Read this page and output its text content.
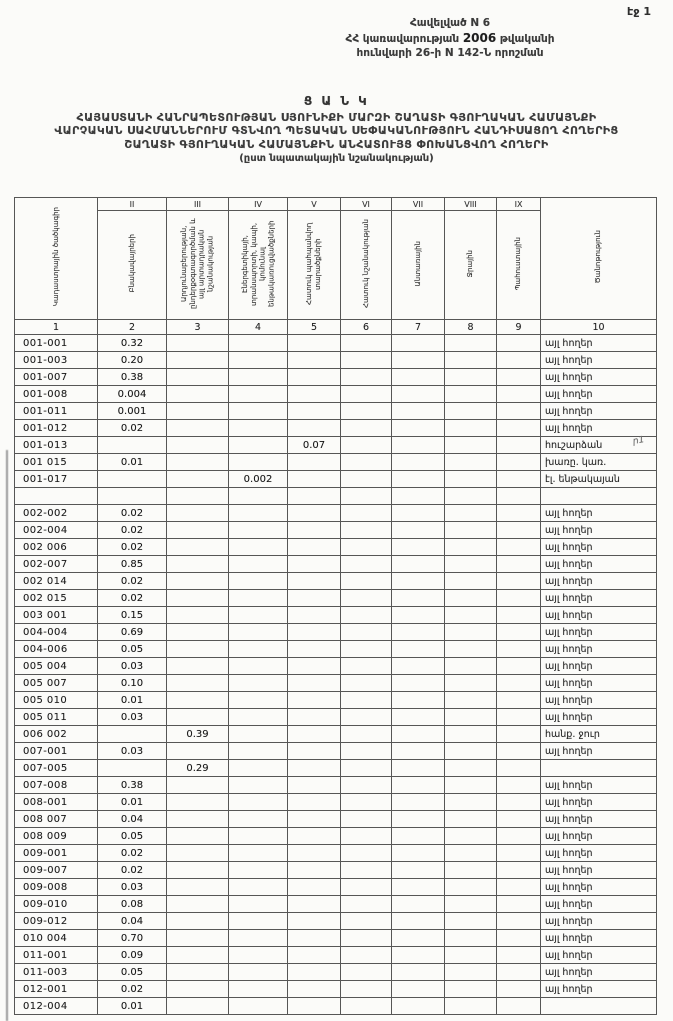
էջ 1
Հավելված N 6
ՀՀ կառավարության 2006 թվականի
հունվարի 26-ի N 142-Ն որոշման
Ց Ա Ն Կ
ՀԱՅԱՍՏԱՆԻ ՀԱՆՐԱՊԵՏՈՒԹՅԱՆ ՍՅՈՒՆԻՔԻ ՄԱՐԶԻ ՇԱՂԱՏԻ ԳՅՈՒՂԱԿԱՆ ՀԱՄԱՅՆՔԻ
ՎԱՐՉԱԿԱՆ ՍԱՀՄԱՆՆԵՐՈՒՄ ԳՏՆՎՈՂ ՊԵՏԱԿԱՆ ՍԵՓԱԿԱՆՈՒԹՅՈՒՆ ՀԱՆԴԻՍԱՑՈՂ ՀՈՂԵՐԻՑ
ՇԱՂԱՏԻ ԳՅՈՒՂԱԿԱՆ ՀԱՄԱՅՆՔԻՆ ԱՆՀԱՏՈՒՅՑ ՓՈԽԱՆՑՎՈՂ ՀՈՂԵՐԻ
(ըստ նպատակային նշանակության)
Կադաստրային ծածկագիր	II	III	IV	V	VI	VII	VIII	IX	Ծանոթություն
	Բնակավայրերի	Արդյունաբերության, ընդերքօգտագործման և այլ արտադրական նշանակության	Էներգետիկայի, տրանսպորտի, կապի, կոմունալ ենթակառուցվածքների	Հատուկ պահպանվող տարածքների	Հատուկ նշանակության	Անտառային	Ջրային	Պահուստային	
1	2	3	4	5	6	7	8	9	10
001-001	0.32								այլ հողեր
001-003	0.20								այլ հողեր
001-007	0.38								այլ հողեր
001-008	0.004								այլ հողեր
001-011	0.001								այլ հողեր
001-012	0.02								այլ հողեր
001-013				0.07					հուշարձան
001 015	0.01								խառը. կառ.
001-017			0.002						էլ. ենթակայան

002-002	0.02								այլ հողեր
002-004	0.02								այլ հողեր
002 006	0.02								այլ հողեր
002-007	0.85								այլ հողեր
002 014	0.02								այլ հողեր
002 015	0.02								այլ հողեր
003 001	0.15								այլ հողեր
004-004	0.69								այլ հողեր
004-006	0.05								այլ հողեր
005 004	0.03								այլ հողեր
005 007	0.10								այլ հողեր
005 010	0.01								այլ հողեր
005 011	0.03								այլ հողեր
006 002		0.39							հանք. ջուր
007-001	0.03								այլ հողեր
007-005		0.29							
007-008	0.38								այլ հողեր
008-001	0.01								այլ հողեր
008 007	0.04								այլ հողեր
008 009	0.05								այլ հողեր
009-001	0.02								այլ հողեր
009-007	0.02								այլ հողեր
009-008	0.03								այլ հողեր
009-010	0.08								այլ հողեր
009-012	0.04								այլ հողեր
010 004	0.70								այլ հողեր
011-001	0.09								այլ հողեր
011-003	0.05								այլ հողեր
012-001	0.02								այլ հողեր
012-004	0.01								
ր1
